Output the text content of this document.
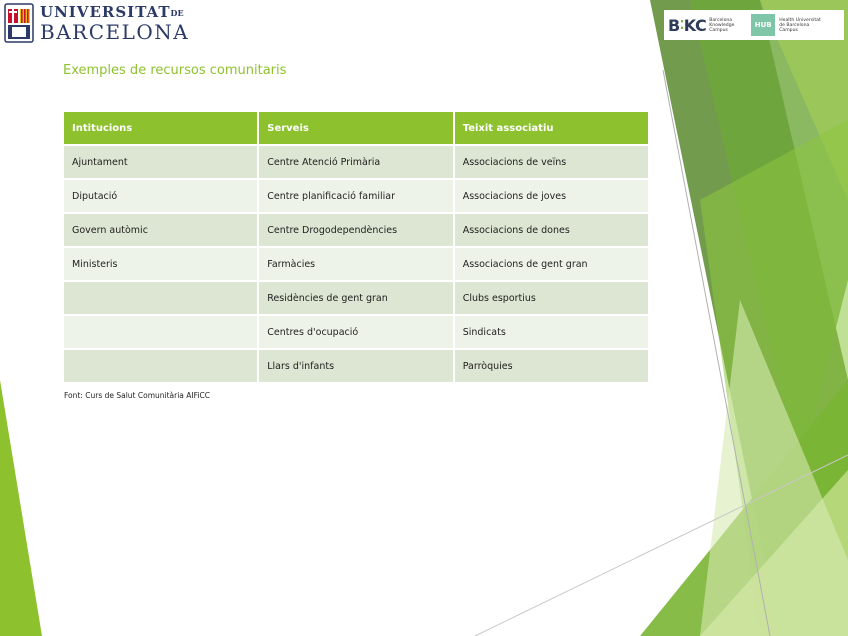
UNIVERSITATDE
BARCELONA	B⁚KC Barcelona
Knowledge
Campus
HUB
Health Universitat
de Barcelona
Campus
Exemples de recursos comunitaris
Intitucions	Serveis	Teixit associatiu
Ajuntament	Centre Atenció Primària	Associacions de veïns
Diputació	Centre planificació familiar	Associacions de joves
Govern autòmic	Centre Drogodependències	Associacions de dones
Ministeris	Farmàcies	Associacions de gent gran
	Residències de gent gran	Clubs esportius
	Centres d'ocupació	Sindicats
	Llars d'infants	Parròquies
Font: Curs de Salut Comunitària AIFiCC
